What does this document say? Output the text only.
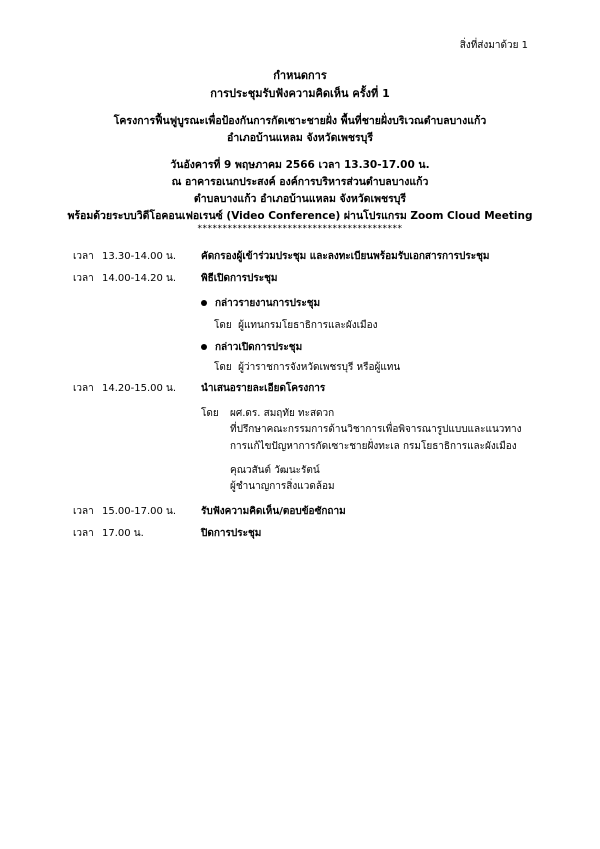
สิ่งที่ส่งมาด้วย 1
กำหนดการ
การประชุมรับฟังความคิดเห็น ครั้งที่ 1
โครงการฟื้นฟูบูรณะเพื่อป้องกันการกัดเซาะชายฝั่ง พื้นที่ชายฝั่งบริเวณตำบลบางแก้ว
อำเภอบ้านแหลม จังหวัดเพชรบุรี
วันอังคารที่ 9 พฤษภาคม 2566 เวลา 13.30-17.00 น.
ณ อาคารอเนกประสงค์ องค์การบริหารส่วนตำบลบางแก้ว
ตำบลบางแก้ว อำเภอบ้านแหลม จังหวัดเพชรบุรี
พร้อมด้วยระบบวิดีโอคอนเฟอเรนซ์ (Video Conference) ผ่านโปรแกรม Zoom Cloud Meeting
*****************************************
เวลา 13.30-14.00 น. คัดกรองผู้เข้าร่วมประชุม และลงทะเบียนพร้อมรับเอกสารการประชุม
เวลา 14.00-14.20 น. พิธีเปิดการประชุม
กล่าวรายงานการประชุม
โดย ผู้แทนกรมโยธาธิการและผังเมือง
กล่าวเปิดการประชุม
โดย ผู้ว่าราชการจังหวัดเพชรบุรี หรือผู้แทน
เวลา 14.20-15.00 น. นำเสนอรายละเอียดโครงการ
โดย ผศ.ดร. สมฤทัย ทะสดวก
ที่ปรึกษาคณะกรรมการด้านวิชาการเพื่อพิจารณารูปแบบและแนวทาง
การแก้ไขปัญหาการกัดเซาะชายฝั่งทะเล กรมโยธาธิการและผังเมือง
คุณวสันต์ วัฒนะรัตน์
ผู้ชำนาญการสิ่งแวดล้อม
เวลา 15.00-17.00 น. รับฟังความคิดเห็น/ตอบข้อซักถาม
เวลา 17.00 น.	ปิดการประชุม
